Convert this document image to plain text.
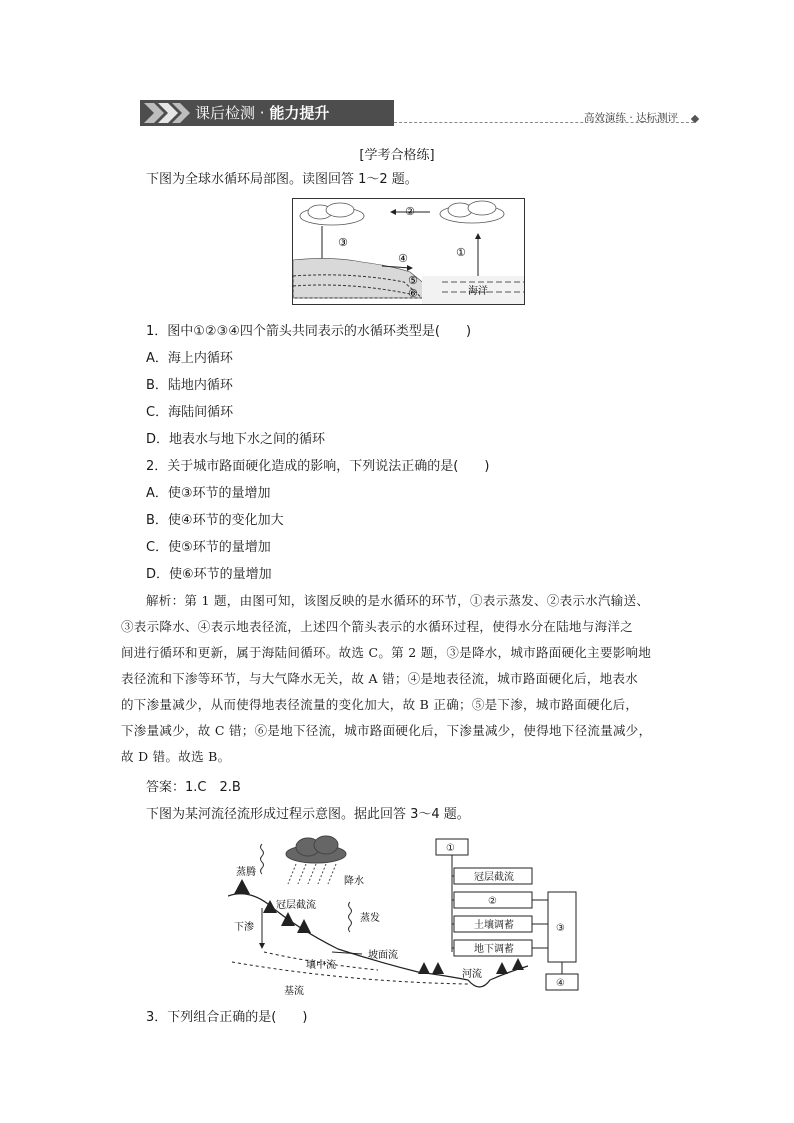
课后检测 · 能力提升	高效演练 · 达标测评
[学考合格练]
下图为全球水循环局部图。读图回答 1～2 题。
②
③
①
海洋
④
⑤
⑥
1．图中①②③④四个箭头共同表示的水循环类型是(　　)
A．海上内循环
B．陆地内循环
C．海陆间循环
D．地表水与地下水之间的循环
2．关于城市路面硬化造成的影响，下列说法正确的是(　　)
A．使③环节的量增加
B．使④环节的变化加大
C．使⑤环节的量增加
D．使⑥环节的量增加
解析：第 1 题，由图可知，该图反映的是水循环的环节，①表示蒸发、②表示水汽输送、
③表示降水、④表示地表径流，上述四个箭头表示的水循环过程，使得水分在陆地与海洋之
间进行循环和更新，属于海陆间循环。故选 C。第 2 题，③是降水，城市路面硬化主要影响地
表径流和下渗等环节，与大气降水无关，故 A 错；④是地表径流，城市路面硬化后，地表水
的下渗量减少，从而使得地表径流量的变化加大，故 B 正确；⑤是下渗，城市路面硬化后，
下渗量减少，故 C 错；⑥是地下径流，城市路面硬化后，下渗量减少，使得地下径流量减少，
故 D 错。故选 B。
答案：1.C　2.B
下图为某河流径流形成过程示意图。据此回答 3～4 题。
降水
蒸腾
冠层截流
下渗
蒸发
坡面流
壤中流
基流
河流
①
冠层截流
②
土壤调蓄
地下调蓄
③
④
3．下列组合正确的是(　　)
